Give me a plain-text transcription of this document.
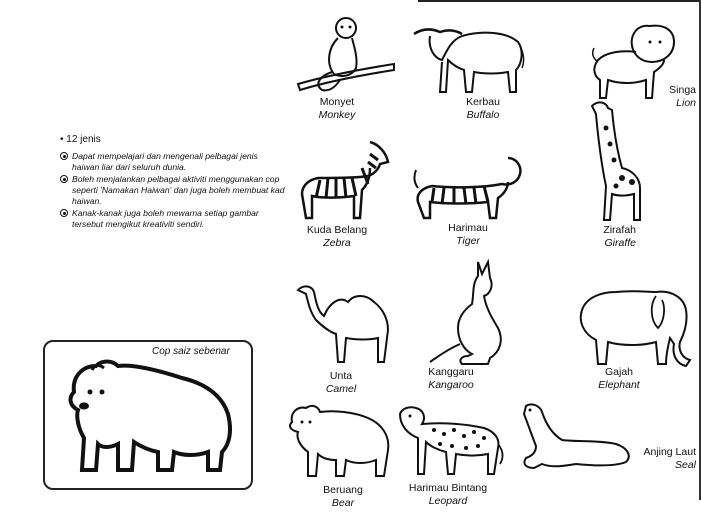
• 12 jenis
Dapat mempelajari dan mengenali pelbagai jenis haiwan liar dari seluruh dunia.
Boleh menjalankan pelbagai aktiviti menggunakan cop seperti 'Namakan Haiwan' dan juga boleh membuat kad haiwan.
Kanak-kanak juga boleh mewarna setiap gambar tersebut mengikut kreativiti sendiri.
Cop saiz sebenar
Monyet
Monkey
Kerbau
Buffalo
Singa
Lion
Kuda Belang
Zebra
Harimau
Tiger
Zirafah
Giraffe
Unta
Camel
Kanggaru
Kangaroo
Gajah
Elephant
Beruang
Bear
Harimau Bintang
Leopard
Anjing Laut
Seal
